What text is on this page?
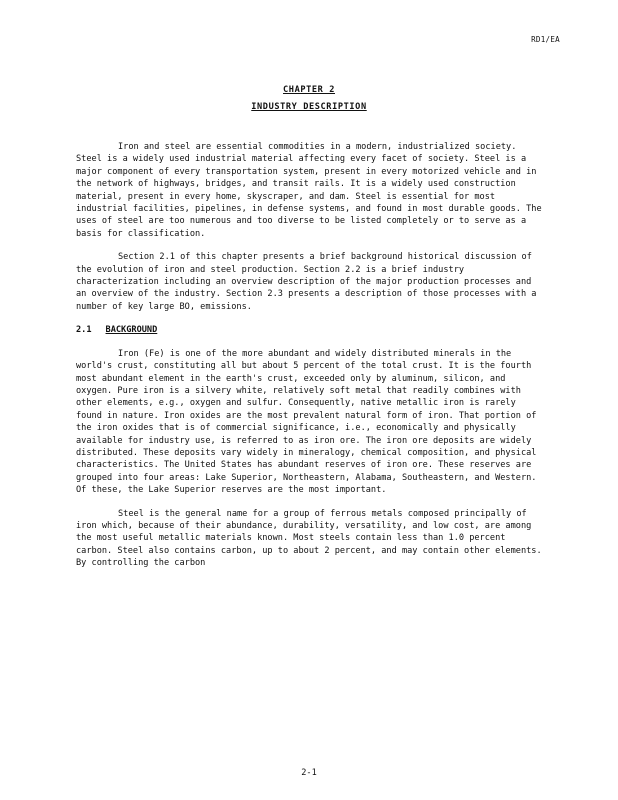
RD1/EA
CHAPTER 2
INDUSTRY DESCRIPTION

Iron and steel are essential commodities in a modern, industrialized society. Steel is a widely used industrial material affecting every facet of society. Steel is a major component of every transportation system, present in every motorized vehicle and in the network of highways, bridges, and transit rails. It is a widely used construction material, present in every home, skyscraper, and dam. Steel is essential for most industrial facilities, pipelines, in defense systems, and found in most durable goods. The uses of steel are too numerous and too diverse to be listed completely or to serve as a basis for classification.

Section 2.1 of this chapter presents a brief background historical discussion of the evolution of iron and steel production. Section 2.2 is a brief industry characterization including an overview description of the major production processes and an overview of the industry. Section 2.3 presents a description of those processes with a number of key large BO, emissions.

2.1 BACKGROUND

Iron (Fe) is one of the more abundant and widely distributed minerals in the world's crust, constituting all but about 5 percent of the total crust. It is the fourth most abundant element in the earth's crust, exceeded only by aluminum, silicon, and oxygen. Pure iron is a silvery white, relatively soft metal that readily combines with other elements, e.g., oxygen and sulfur. Consequently, native metallic iron is rarely found in nature. Iron oxides are the most prevalent natural form of iron. That portion of the iron oxides that is of commercial significance, i.e., economically and physically available for industry use, is referred to as iron ore. The iron ore deposits are widely distributed. These deposits vary widely in mineralogy, chemical composition, and physical characteristics. The United States has abundant reserves of iron ore. These reserves are grouped into four areas: Lake Superior, Northeastern, Alabama, Southeastern, and Western. Of these, the Lake Superior reserves are the most important.

Steel is the general name for a group of ferrous metals composed principally of iron which, because of their abundance, durability, versatility, and low cost, are among the most useful metallic materials known. Most steels contain less than 1.0 percent carbon. Steel also contains carbon, up to about 2 percent, and may contain other elements. By controlling the carbon

2-1
